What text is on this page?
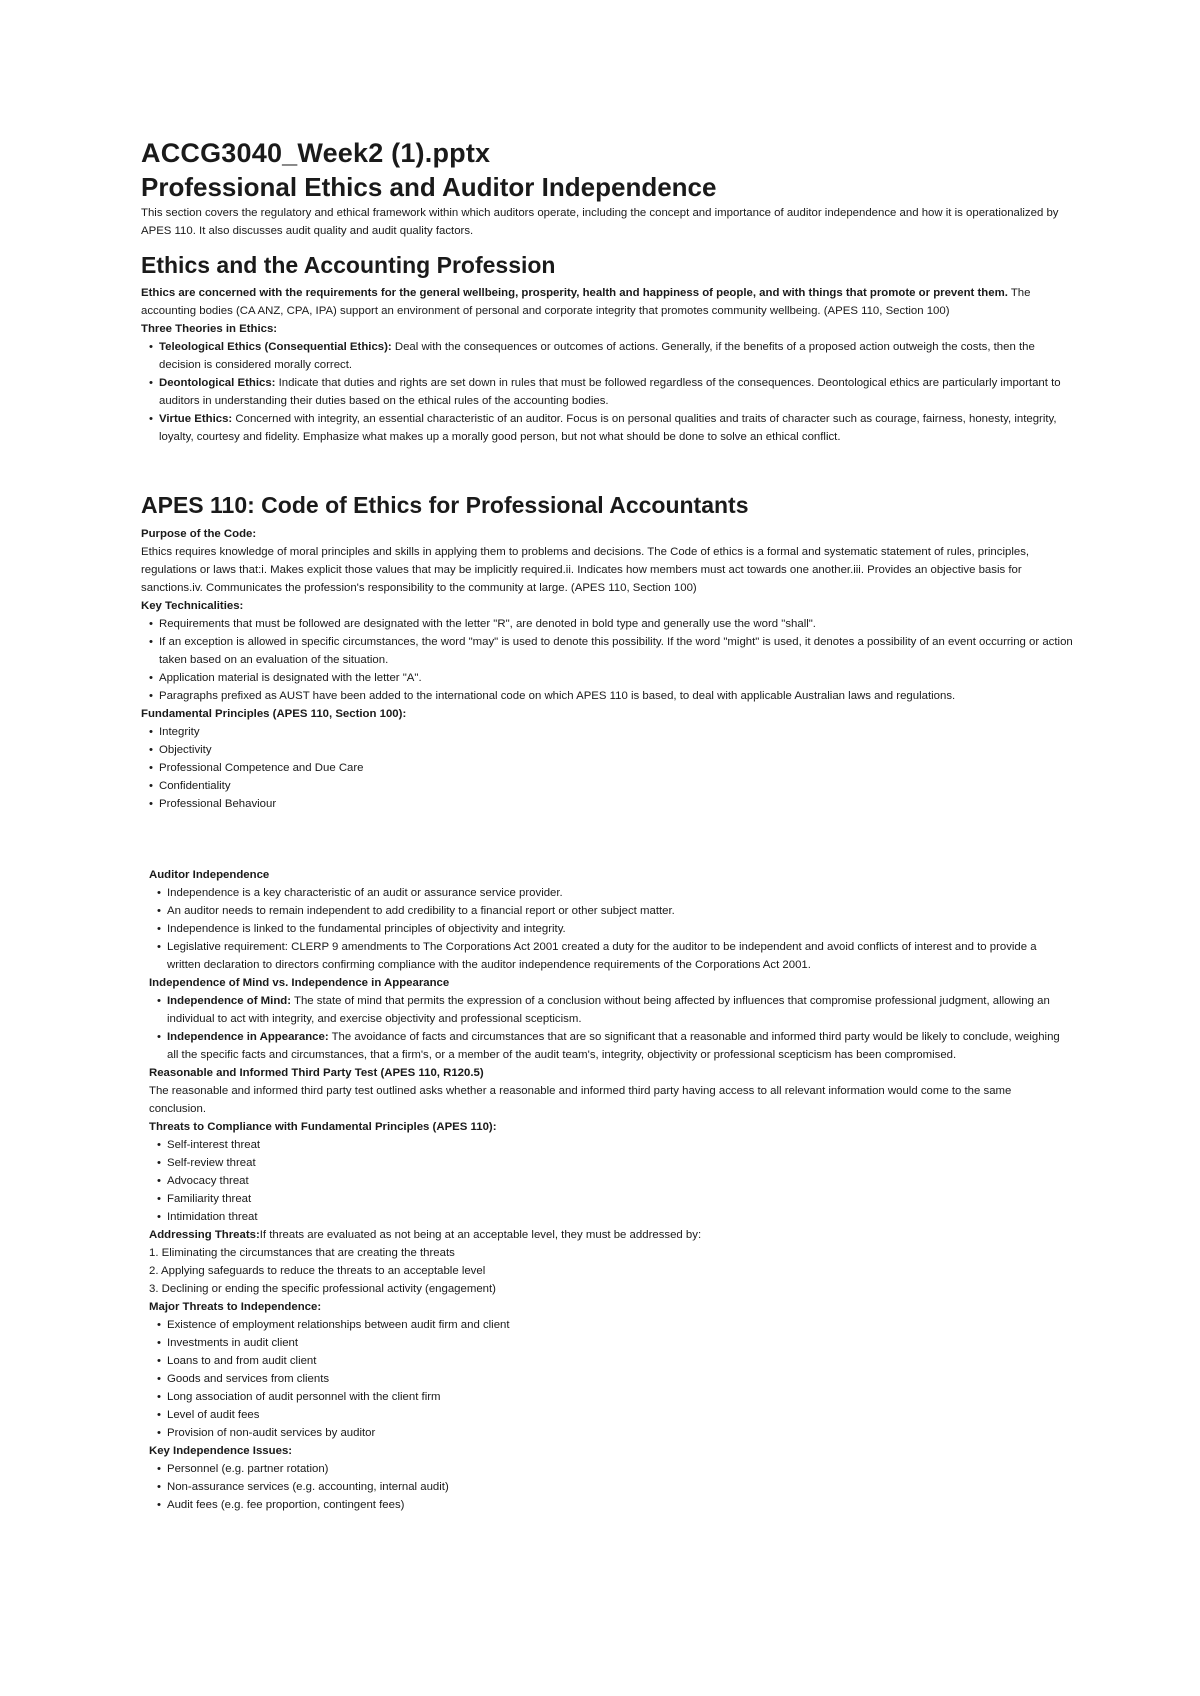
ACCG3040_Week2 (1).pptx
Professional Ethics and Auditor Independence

This section covers the regulatory and ethical framework within which auditors operate, including the concept and importance of auditor independence and how it is operationalized by APES 110. It also discusses audit quality and audit quality factors.

Ethics and the Accounting Profession

Ethics are concerned with the requirements for the general wellbeing, prosperity, health and happiness of people, and with things that promote or prevent them. The accounting bodies (CA ANZ, CPA, IPA) support an environment of personal and corporate integrity that promotes community wellbeing. (APES 110, Section 100)

Three Theories in Ethics:

• Teleological Ethics (Consequential Ethics): Deal with the consequences or outcomes of actions. Generally, if the benefits of a proposed action outweigh the costs, then the decision is considered morally correct.
• Deontological Ethics: Indicate that duties and rights are set down in rules that must be followed regardless of the consequences. Deontological ethics are particularly important to auditors in understanding their duties based on the ethical rules of the accounting bodies.
• Virtue Ethics: Concerned with integrity, an essential characteristic of an auditor. Focus is on personal qualities and traits of character such as courage, fairness, honesty, integrity, loyalty, courtesy and fidelity. Emphasize what makes up a morally good person, but not what should be done to solve an ethical conflict.
APES 110: Code of Ethics for Professional Accountants

Purpose of the Code:

Ethics requires knowledge of moral principles and skills in applying them to problems and decisions. The Code of ethics is a formal and systematic statement of rules, principles, regulations or laws that:i. Makes explicit those values that may be implicitly required.ii. Indicates how members must act towards one another.iii. Provides an objective basis for sanctions.iv. Communicates the profession's responsibility to the community at large. (APES 110, Section 100)

Key Technicalities:

• Requirements that must be followed are designated with the letter "R", are denoted in bold type and generally use the word "shall".
• If an exception is allowed in specific circumstances, the word "may" is used to denote this possibility. If the word "might" is used, it denotes a possibility of an event occurring or action taken based on an evaluation of the situation.
• Application material is designated with the letter "A".
• Paragraphs prefixed as AUST have been added to the international code on which APES 110 is based, to deal with applicable Australian laws and regulations.

Fundamental Principles (APES 110, Section 100):

• Integrity
• Objectivity
• Professional Competence and Due Care
• Confidentiality
• Professional Behaviour

Auditor Independence

• Independence is a key characteristic of an audit or assurance service provider.
• An auditor needs to remain independent to add credibility to a financial report or other subject matter.
• Independence is linked to the fundamental principles of objectivity and integrity.
• Legislative requirement: CLERP 9 amendments to The Corporations Act 2001 created a duty for the auditor to be independent and avoid conflicts of interest and to provide a written declaration to directors confirming compliance with the auditor independence requirements of the Corporations Act 2001.

Independence of Mind vs. Independence in Appearance

• Independence of Mind: The state of mind that permits the expression of a conclusion without being affected by influences that compromise professional judgment, allowing an individual to act with integrity, and exercise objectivity and professional scepticism.
• Independence in Appearance: The avoidance of facts and circumstances that are so significant that a reasonable and informed third party would be likely to conclude, weighing all the specific facts and circumstances, that a firm's, or a member of the audit team's, integrity, objectivity or professional scepticism has been compromised.

Reasonable and Informed Third Party Test (APES 110, R120.5)

The reasonable and informed third party test outlined asks whether a reasonable and informed third party having access to all relevant information would come to the same conclusion.

Threats to Compliance with Fundamental Principles (APES 110):

• Self-interest threat
• Self-review threat
• Advocacy threat
• Familiarity threat
• Intimidation threat

Addressing Threats:If threats are evaluated as not being at an acceptable level, they must be addressed by:

1. Eliminating the circumstances that are creating the threats
2. Applying safeguards to reduce the threats to an acceptable level
3. Declining or ending the specific professional activity (engagement)

Major Threats to Independence:

• Existence of employment relationships between audit firm and client
• Investments in audit client
• Loans to and from audit client
• Goods and services from clients
• Long association of audit personnel with the client firm
• Level of audit fees
• Provision of non-audit services by auditor

Key Independence Issues:

• Personnel (e.g. partner rotation)
• Non-assurance services (e.g. accounting, internal audit)
• Audit fees (e.g. fee proportion, contingent fees)
